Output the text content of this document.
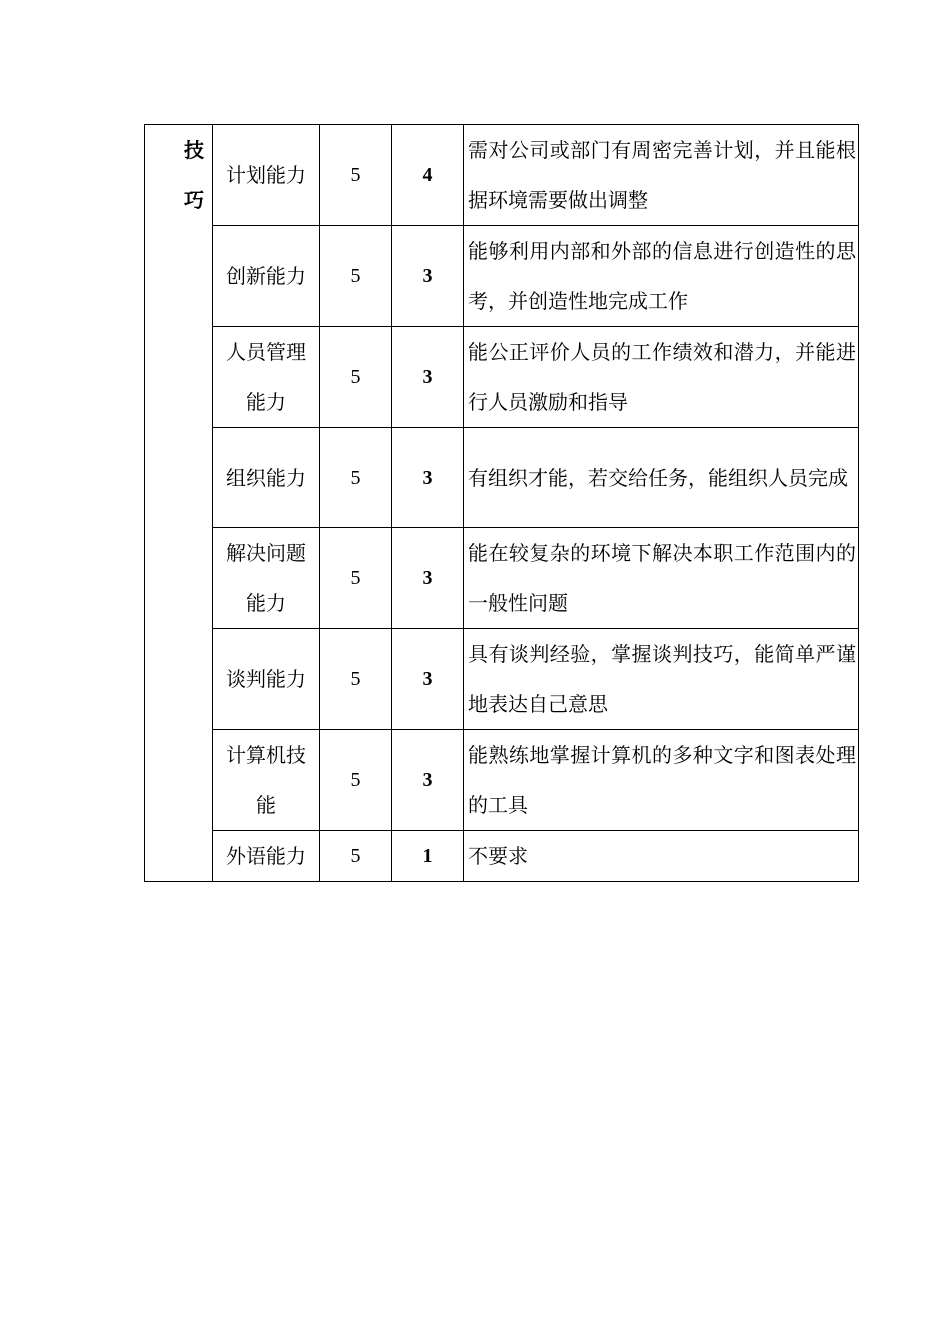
技
巧	计划能力	5	4	需对公司或部门有周密完善计划，并且能根据环境需要做出调整
	创新能力	5	3	能够利用内部和外部的信息进行创造性的思考，并创造性地完成工作

	人员管理能力	5	3	能公正评价人员的工作绩效和潜力，并能进行人员激励和指导
	组织能力	5	3	有组织才能，若交给任务，能组织人员完成

	解决问题能力	5	3	能在较复杂的环境下解决本职工作范围内的一般性问题
	谈判能力	5	3	具有谈判经验，掌握谈判技巧，能简单严谨地表达自己意思

	计算机技能	5	3	能熟练地掌握计算机的多种文字和图表处理的工具
	外语能力	5	1	不要求
